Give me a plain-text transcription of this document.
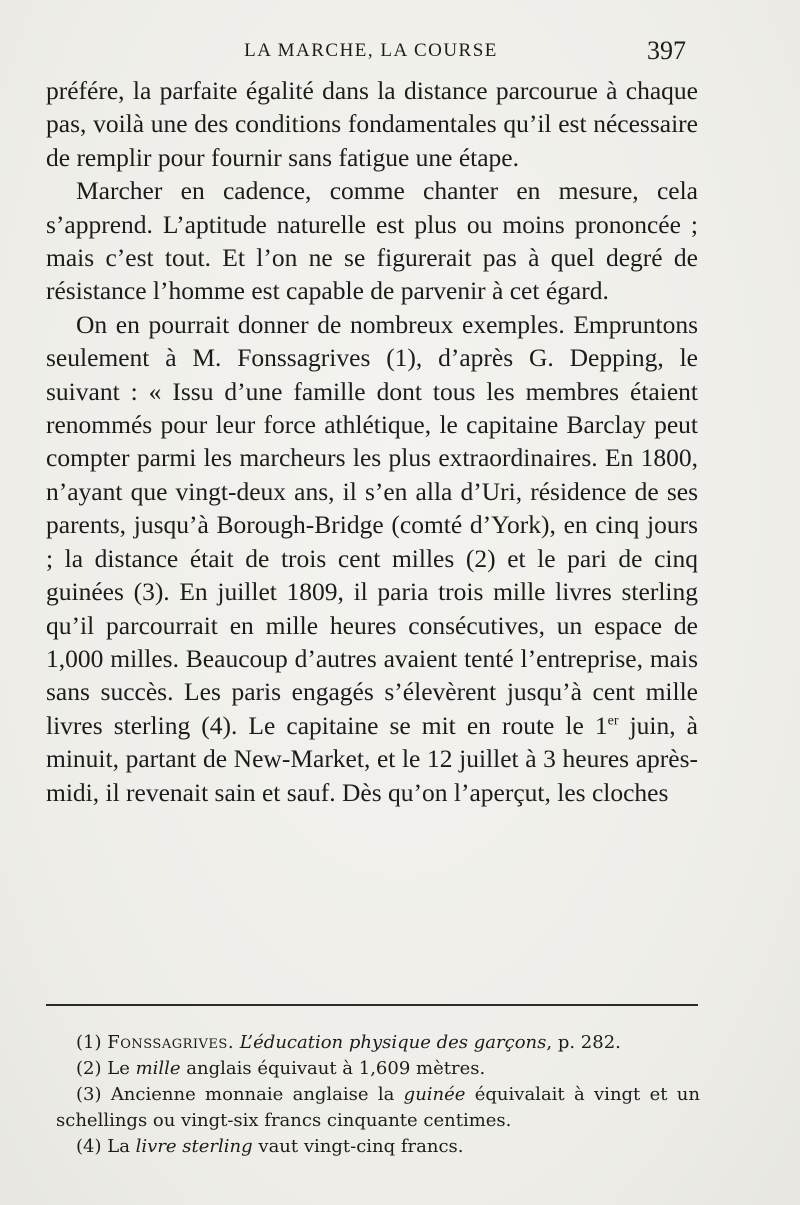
LA MARCHE, LA COURSE	397

préfére, la parfaite égalité dans la distance parcourue à chaque pas, voilà une des conditions fondamentales qu’il est nécessaire de remplir pour fournir sans fatigue une étape.

Marcher en cadence, comme chanter en mesure, cela s’apprend. L’aptitude naturelle est plus ou moins prononcée ; mais c’est tout. Et l’on ne se figurerait pas à quel degré de résistance l’homme est capable de parvenir à cet égard.

On en pourrait donner de nombreux exemples. Empruntons seulement à M. Fonssagrives (1), d’après G. Depping, le suivant : « Issu d’une famille dont tous les membres étaient renommés pour leur force athlétique, le capitaine Barclay peut compter parmi les marcheurs les plus extraordinaires. En 1800, n’ayant que vingt-deux ans, il s’en alla d’Uri, résidence de ses parents, jusqu’à Borough-Bridge (comté d’York), en cinq jours ; la distance était de trois cent milles (2) et le pari de cinq guinées (3). En juillet 1809, il paria trois mille livres sterling qu’il parcourrait en mille heures consécutives, un espace de 1,000 milles. Beaucoup d’autres avaient tenté l’entreprise, mais sans succès. Les paris engagés s’élevèrent jusqu’à cent mille livres sterling (4). Le capitaine se mit en route le 1er juin, à minuit, partant de New-Market, et le 12 juillet à 3 heures après-midi, il revenait sain et sauf. Dès qu’on l’aperçut, les cloches

(1) Fonssagrives. L’éducation physique des garçons, p. 282.

(2) Le mille anglais équivaut à 1,609 mètres.

(3) Ancienne monnaie anglaise la guinée équivalait à vingt et un schellings ou vingt-six francs cinquante centimes.

(4) La livre sterling vaut vingt-cinq francs.
